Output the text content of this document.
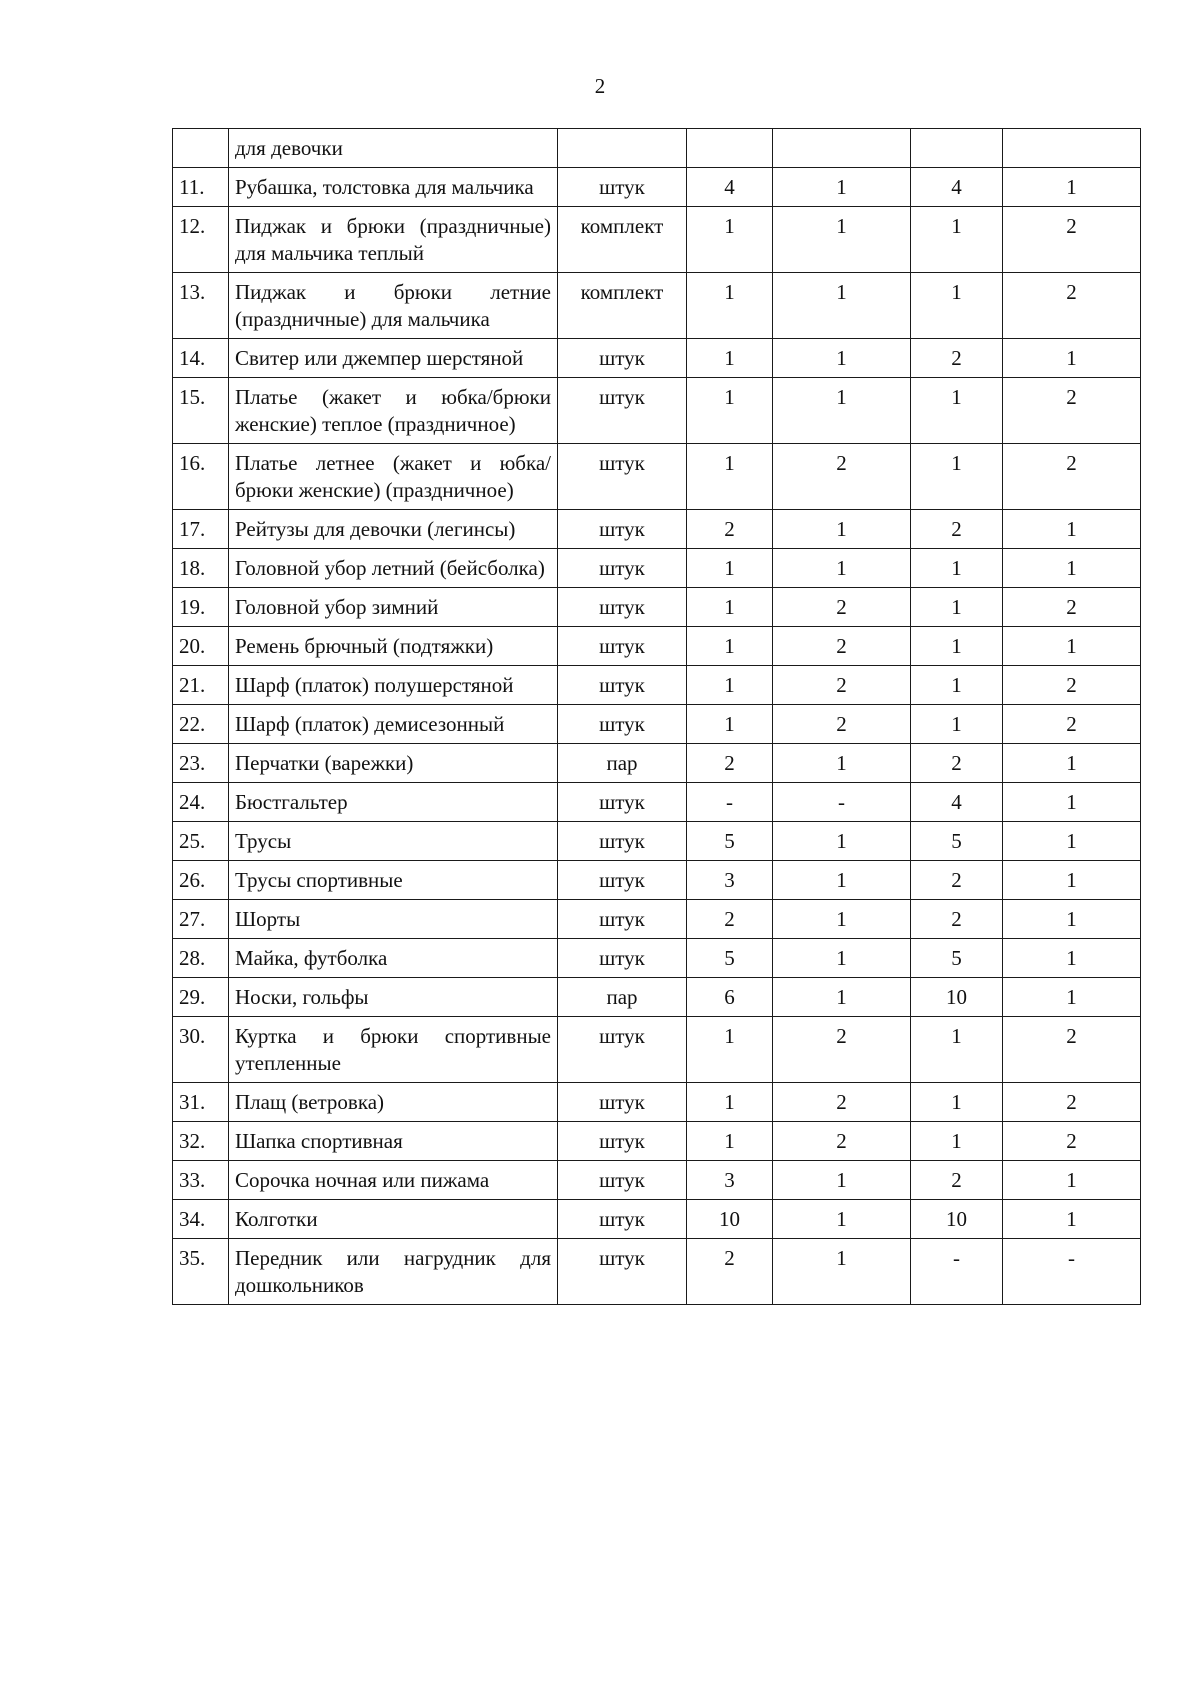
2
	для девочки					
11.	Рубашка, толстовка для мальчика	штук	4	1	4	1
12.	Пиджак и брюки (праздничные) для мальчика теплый	комплект	1	1	1	2
13.	Пиджак и брюки летние (праздничные) для мальчика	комплект	1	1	1	2
14.	Свитер или джемпер шерстяной	штук	1	1	2	1
15.	Платье (жакет и юбка/брюки женские) теплое (праздничное)	штук	1	1	1	2
16.	Платье летнее (жакет и юбка/брюки женские) (праздничное)	штук	1	2	1	2
17.	Рейтузы для девочки (легинсы)	штук	2	1	2	1
18.	Головной убор летний (бейсболка)	штук	1	1	1	1
19.	Головной убор зимний	штук	1	2	1	2
20.	Ремень брючный (подтяжки)	штук	1	2	1	1
21.	Шарф (платок) полушерстяной	штук	1	2	1	2
22.	Шарф (платок) демисезонный	штук	1	2	1	2
23.	Перчатки (варежки)	пар	2	1	2	1
24.	Бюстгальтер	штук	-	-	4	1
25.	Трусы	штук	5	1	5	1
26.	Трусы спортивные	штук	3	1	2	1
27.	Шорты	штук	2	1	2	1
28.	Майка, футболка	штук	5	1	5	1
29.	Носки, гольфы	пар	6	1	10	1
30.	Куртка и брюки спортивные утепленные	штук	1	2	1	2
31.	Плащ (ветровка)	штук	1	2	1	2
32.	Шапка спортивная	штук	1	2	1	2
33.	Сорочка ночная или пижама	штук	3	1	2	1
34.	Колготки	штук	10	1	10	1
35.	Передник или нагрудник для дошкольников	штук	2	1	-	-
